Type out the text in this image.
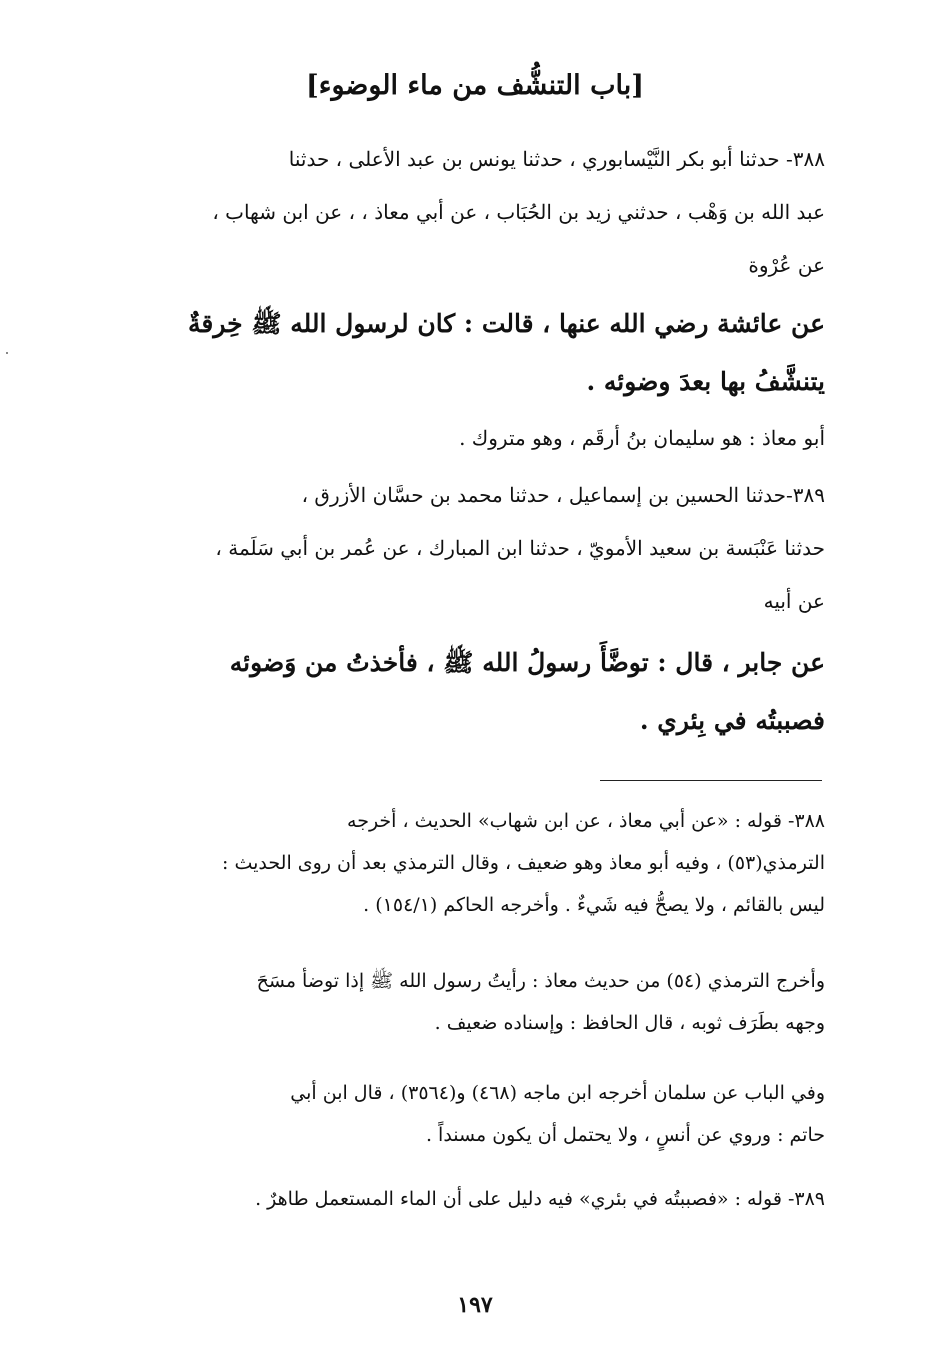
[باب التنشُّف من ماء الوضوء]
٣٨٨- حدثنا أبو بكر النَّيْسابوري ، حدثنا يونس بن عبد الأعلى ، حدثنا
عبد الله بن وَهْب ، حدثني زيد بن الحُبَاب ، عن أبي معاذ ، ، عن ابن شهاب ،
عن عُرْوة
عن عائشة رضي الله عنها ، قالت : كان لرسول الله ﷺ خِرقةٌ
يتنشَّفُ بها بعدَ وضوئه .
أبو معاذ : هو سليمان بنُ أرقَم ، وهو متروك .
٣٨٩-حدثنا الحسين بن إسماعيل ، حدثنا محمد بن حسَّان الأزرق ،
حدثنا عَنْبَسة بن سعيد الأمويّ ، حدثنا ابن المبارك ، عن عُمر بن أبي سَلَمة ،
عن أبيه
عن جابر ، قال : توضَّأَ رسولُ الله ﷺ ، فأخذتُ من وَضوئه
فصببتُه في بِئري .
٣٨٨- قوله : «عن أبي معاذ ، عن ابن شهاب» الحديث ، أخرجه
الترمذي(٥٣) ، وفيه أبو معاذ وهو ضعيف ، وقال الترمذي بعد أن روى الحديث :
ليس بالقائم ، ولا يصحُّ فيه شَيءٌ . وأخرجه الحاكم (١٥٤/١) .
وأخرج الترمذي (٥٤) من حديث معاذ : رأيتُ رسول الله ﷺ إذا توضأ مسَحَ
وجهه بطَرَف ثوبه ، قال الحافظ : وإسناده ضعيف .
وفي الباب عن سلمان أخرجه ابن ماجه (٤٦٨) و(٣٥٦٤) ، قال ابن أبي
حاتم : وروي عن أنسٍ ، ولا يحتمل أن يكون مسنداً .
٣٨٩- قوله : «فصببتُه في بئري» فيه دليل على أن الماء المستعمل طاهرٌ .
١٩٧
